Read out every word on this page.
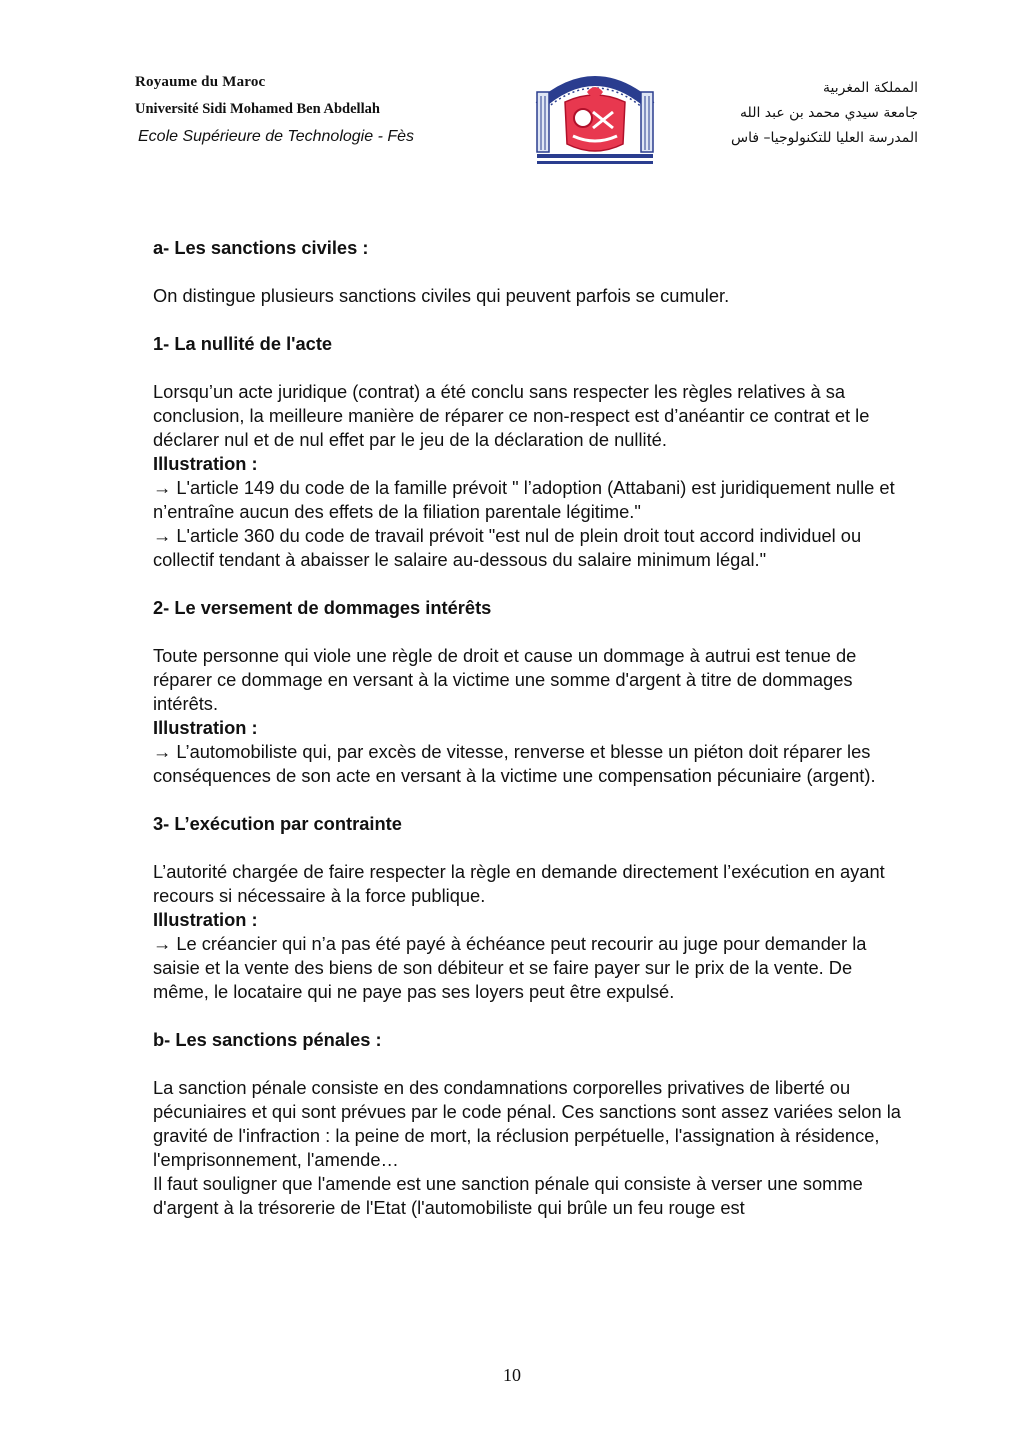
Royaume du Maroc
Université Sidi Mohamed Ben Abdellah
Ecole Supérieure de Technologie - Fès
المملكة المغربية
جامعة سيدي محمد بن عبد الله
المدرسة العليا للتكنولوجيا– فاس

a- Les sanctions civiles :

On distingue plusieurs sanctions civiles qui peuvent parfois se cumuler.

1- La nullité de l'acte

Lorsqu’un acte juridique (contrat) a été conclu sans respecter les règles relatives à sa conclusion, la meilleure manière de réparer ce non-respect est d’anéantir ce contrat et le déclarer nul et de nul effet par le jeu de la déclaration de nullité.

Illustration :

→ L'article 149 du code de la famille prévoit " l’adoption (Attabani) est juridiquement nulle et n’entraîne aucun des effets de la filiation parentale légitime."

→ L'article 360 du code de travail prévoit "est nul de plein droit tout accord individuel ou collectif tendant à abaisser le salaire au-dessous du salaire minimum légal."

2- Le versement de dommages intérêts

Toute personne qui viole une règle de droit et cause un dommage à autrui est tenue de réparer ce dommage en versant à la victime une somme d'argent à titre de dommages intérêts.

Illustration :

→ L’automobiliste qui, par excès de vitesse, renverse et blesse un piéton doit réparer les conséquences de son acte en versant à la victime une compensation pécuniaire (argent).

3- L’exécution par contrainte

L’autorité chargée de faire respecter la règle en demande directement l’exécution en ayant recours si nécessaire à la force publique.

Illustration :

→ Le créancier qui n’a pas été payé à échéance peut recourir au juge pour demander la saisie et la vente des biens de son débiteur et se faire payer sur le prix de la vente. De même, le locataire qui ne paye pas ses loyers peut être expulsé.

b- Les sanctions pénales :

La sanction pénale consiste en des condamnations corporelles privatives de liberté ou pécuniaires et qui sont prévues par le code pénal. Ces sanctions sont assez variées selon la gravité de l'infraction : la peine de mort, la réclusion perpétuelle, l'assignation à résidence, l'emprisonnement, l'amende…

Il faut souligner que l'amende est une sanction pénale qui consiste à verser une somme d'argent à la trésorerie de l'Etat (l'automobiliste qui brûle un feu rouge est

10
